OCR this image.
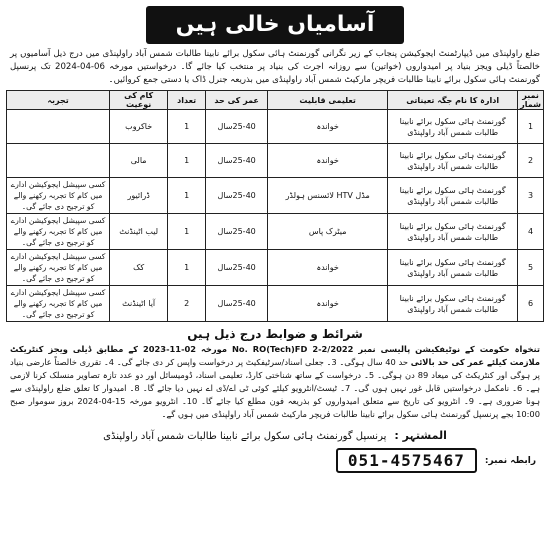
آسامیاں خالی ہیں

ضلع راولپنڈی میں ڈیپارٹمنٹ ایجوکیشن پنجاب کے زیر نگرانی گورنمنٹ ہائی سکول برائے نابینا طالبات شمس آباد راولپنڈی میں درج ذیل آسامیوں پر خالصتاً ڈیلی ویجز بنیاد پر امیدواروں (خواتین) سے روزانہ اجرت کی بنیاد پر منتخب کیا جائے گا۔ درخواستیں مورخہ 06-04-2024 تک پرنسپل گورنمنٹ ہائی سکول برائے نابینا طالبات فریچر مارکیٹ شمس آباد راولپنڈی میں بذریعہ جنرل ڈاک یا دستی جمع کروائیں۔

نمبر شمار	ادارہ کا نام جگہ تعیناتی	تعلیمی قابلیت	عمر کی حد	تعداد	کام کی نوعیت	تجربہ
1	گورنمنٹ ہائی سکول برائے نابینا طالبات شمس آباد راولپنڈی	خواندہ	25-40سال	1	خاکروب	
2	گورنمنٹ ہائی سکول برائے نابینا طالبات شمس آباد راولپنڈی	خواندہ	25-40سال	1	مالی	
3	گورنمنٹ ہائی سکول برائے نابینا طالبات شمس آباد راولپنڈی	مڈل HTV لائسنس ہولڈر	25-40سال	1	ڈرائیور	کسی سپیشل ایجوکیشن ادارے میں کام کا تجربہ رکھنے والے کو ترجیح دی جائے گی۔
4	گورنمنٹ ہائی سکول برائے نابینا طالبات شمس آباد راولپنڈی	میٹرک پاس	25-40سال	1	لیب اٹینڈنٹ	کسی سپیشل ایجوکیشن ادارے میں کام کا تجربہ رکھنے والے کو ترجیح دی جائے گی۔
5	گورنمنٹ ہائی سکول برائے نابینا طالبات شمس آباد راولپنڈی	خواندہ	25-40سال	1	کک	کسی سپیشل ایجوکیشن ادارے میں کام کا تجربہ رکھنے والے کو ترجیح دی جائے گی۔
6	گورنمنٹ ہائی سکول برائے نابینا طالبات شمس آباد راولپنڈی	خواندہ	25-40سال	2	آیا اٹینڈنٹ	کسی سپیشل ایجوکیشن ادارے میں کام کا تجربہ رکھنے والے کو ترجیح دی جائے گی۔
شرائط و ضوابط درج ذیل ہیں

تنخواہ حکومت کے نوٹیفکیشن پالیسی نمبر No. RO(Tech)FD 2-2/2022 مورخہ 02-11-2023 کے مطابق ڈیلی ویجز کنٹریکٹ ملازمت کیلئے عمر کی حد بالائی حد 40 سال ہوگی۔ 3۔ جعلی اسناد/سرٹیفکیٹ پر درخواست واپس کر دی جائے گی۔ 4۔ تقرری خالصتاً عارضی بنیاد پر ہوگی اور کنٹریکٹ کی میعاد 89 دن ہوگی۔ 5۔ درخواست کے ساتھ شناختی کارڈ، تعلیمی اسناد، ڈومیسائل اور دو عدد تازہ تصاویر منسلک کرنا لازمی ہے۔ 6۔ نامکمل درخواستیں قابل غور نہیں ہوں گی۔ 7۔ ٹیسٹ/انٹرویو کیلئے کوئی ٹی اے/ڈی اے نہیں دیا جائے گا۔ 8۔ امیدوار کا تعلق ضلع راولپنڈی سے ہونا ضروری ہے۔ 9۔ انٹرویو کی تاریخ سے متعلق امیدواروں کو بذریعہ فون مطلع کیا جائے گا۔ 10۔ انٹرویو مورخہ 15-04-2024 بروز سوموار صبح 10:00 بجے پرنسپل گورنمنٹ ہائی سکول برائے نابینا طالبات فریچر مارکیٹ شمس آباد راولپنڈی میں ہوں گے۔

المشتہر :
پرنسپل گورنمنٹ ہائی سکول برائے نابینا طالبات شمس آباد راولپنڈی
رابطہ نمبر:
051-4575467
